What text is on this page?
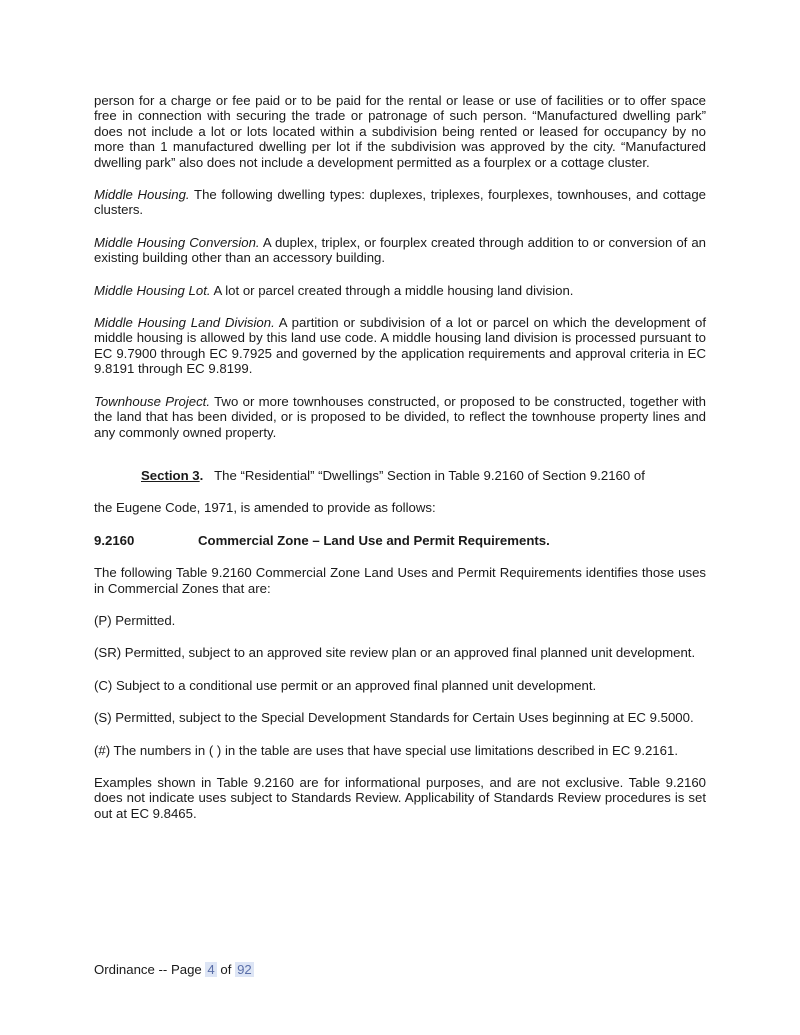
person for a charge or fee paid or to be paid for the rental or lease or use of facilities or to offer space free in connection with securing the trade or patronage of such person. “Manufactured dwelling park” does not include a lot or lots located within a subdivision being rented or leased for occupancy by no more than 1 manufactured dwelling per lot if the subdivision was approved by the city. “Manufactured dwelling park” also does not include a development permitted as a fourplex or a cottage cluster.

Middle Housing. The following dwelling types: duplexes, triplexes, fourplexes, townhouses, and cottage clusters.

Middle Housing Conversion. A duplex, triplex, or fourplex created through addition to or conversion of an existing building other than an accessory building.

Middle Housing Lot. A lot or parcel created through a middle housing land division.

Middle Housing Land Division. A partition or subdivision of a lot or parcel on which the development of middle housing is allowed by this land use code. A middle housing land division is processed pursuant to EC 9.7900 through EC 9.7925 and governed by the application requirements and approval criteria in EC 9.8191 through EC 9.8199.

Townhouse Project. Two or more townhouses constructed, or proposed to be constructed, together with the land that has been divided, or is proposed to be divided, to reflect the townhouse property lines and any commonly owned property.

Section 3.   The “Residential” “Dwellings” Section in Table 9.2160 of Section 9.2160 of

the Eugene Code, 1971, is amended to provide as follows:

9.2160	Commercial Zone – Land Use and Permit Requirements.

The following Table 9.2160 Commercial Zone Land Uses and Permit Requirements identifies those uses in Commercial Zones that are:

(P) Permitted.

(SR) Permitted, subject to an approved site review plan or an approved final planned unit development.

(C) Subject to a conditional use permit or an approved final planned unit development.

(S) Permitted, subject to the Special Development Standards for Certain Uses beginning at EC 9.5000.

(#) The numbers in ( ) in the table are uses that have special use limitations described in EC 9.2161.

Examples shown in Table 9.2160 are for informational purposes, and are not exclusive. Table 9.2160 does not indicate uses subject to Standards Review. Applicability of Standards Review procedures is set out at EC 9.8465.

Ordinance -- Page 4 of 92
